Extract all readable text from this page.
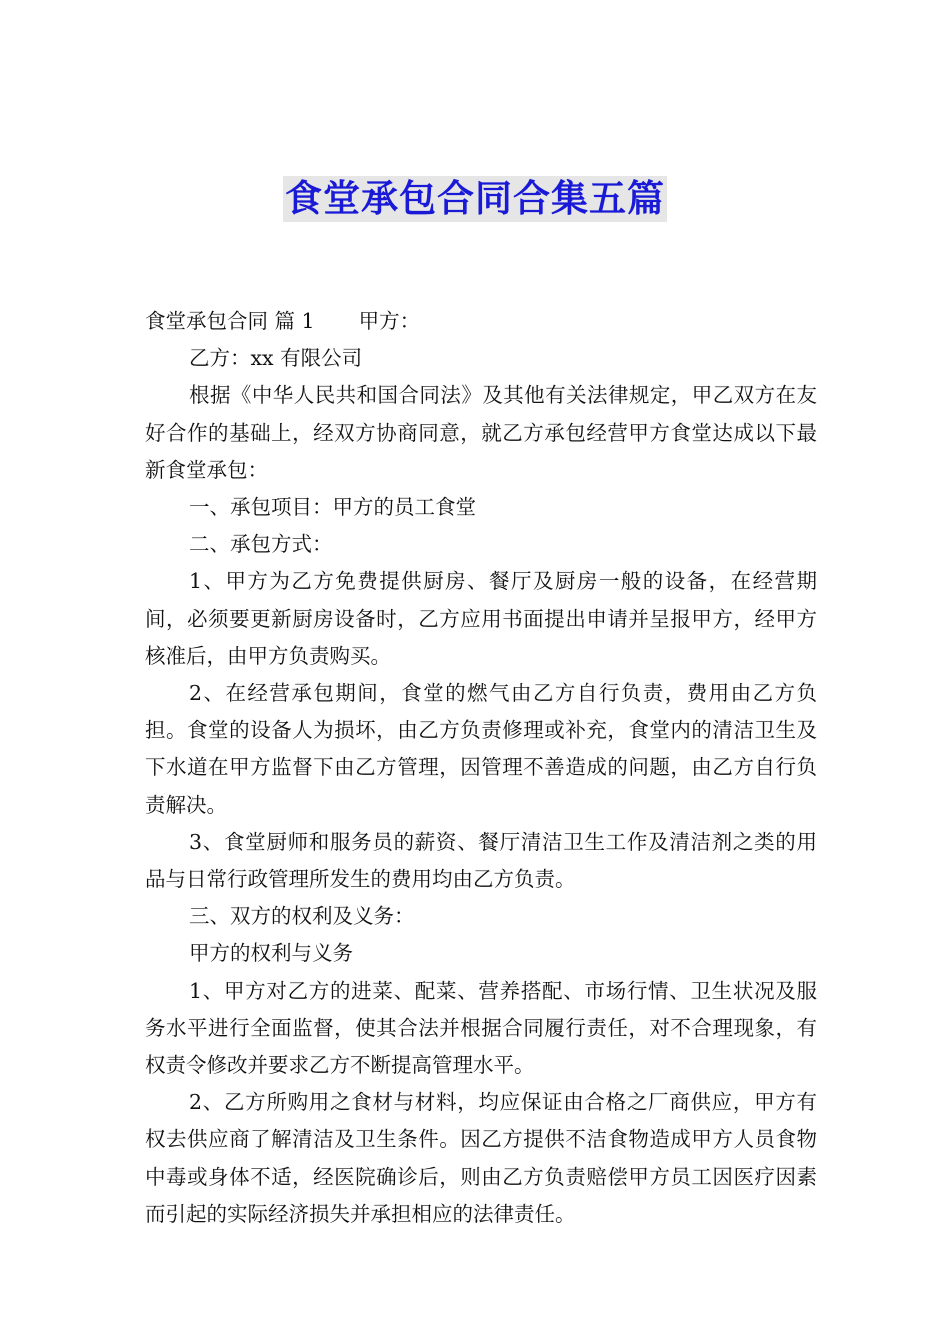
食堂承包合同合集五篇

食堂承包合同 篇 1 甲方：

乙方：xx 有限公司

根据《中华人民共和国合同法》及其他有关法律规定，甲乙双方在友好合作的基础上，经双方协商同意，就乙方承包经营甲方食堂达成以下最新食堂承包：

一、承包项目：甲方的员工食堂

二、承包方式：

1、甲方为乙方免费提供厨房、餐厅及厨房一般的设备，在经营期间，必须要更新厨房设备时，乙方应用书面提出申请并呈报甲方，经甲方核准后，由甲方负责购买。

2、在经营承包期间，食堂的燃气由乙方自行负责，费用由乙方负担。食堂的设备人为损坏，由乙方负责修理或补充，食堂内的清洁卫生及下水道在甲方监督下由乙方管理，因管理不善造成的问题，由乙方自行负责解决。

3、食堂厨师和服务员的薪资、餐厅清洁卫生工作及清洁剂之类的用品与日常行政管理所发生的费用均由乙方负责。

三、双方的权利及义务：

甲方的权利与义务

1、甲方对乙方的进菜、配菜、营养搭配、市场行情、卫生状况及服务水平进行全面监督，使其合法并根据合同履行责任，对不合理现象，有权责令修改并要求乙方不断提高管理水平。

2、乙方所购用之食材与材料，均应保证由合格之厂商供应，甲方有权去供应商了解清洁及卫生条件。因乙方提供不洁食物造成甲方人员食物中毒或身体不适，经医院确诊后，则由乙方负责赔偿甲方员工因医疗因素而引起的实际经济损失并承担相应的法律责任。
